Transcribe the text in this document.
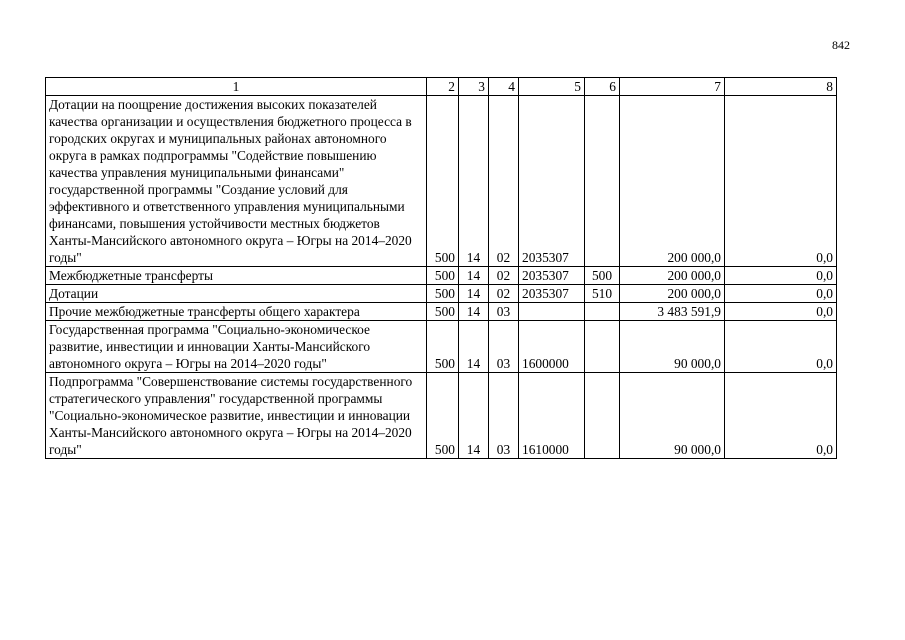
842
1	2	3	4	5	6	7	8
Дотации на поощрение достижения высоких показателей качества организации и осуществления бюджетного процесса в городских округах и муниципальных районах автономного округа в рамках подпрограммы "Содействие повышению качества управления муниципальными финансами" государственной программы "Создание условий для эффективного и ответственного управления муниципальными финансами, повышения устойчивости местных бюджетов Ханты-Мансийского автономного округа – Югры на 2014–2020 годы"	500	14	02	2035307		200 000,0	0,0
Межбюджетные трансферты	500	14	02	2035307	500	200 000,0	0,0
Дотации	500	14	02	2035307	510	200 000,0	0,0
Прочие межбюджетные трансферты общего характера	500	14	03			3 483 591,9	0,0
Государственная программа "Социально-экономическое развитие, инвестиции и инновации Ханты-Мансийского автономного округа – Югры на 2014–2020 годы"	500	14	03	1600000		90 000,0	0,0
Подпрограмма "Совершенствование системы государственного стратегического управления" государственной программы "Социально-экономическое развитие, инвестиции и инновации Ханты-Мансийского автономного округа – Югры на 2014–2020 годы"	500	14	03	1610000		90 000,0	0,0
